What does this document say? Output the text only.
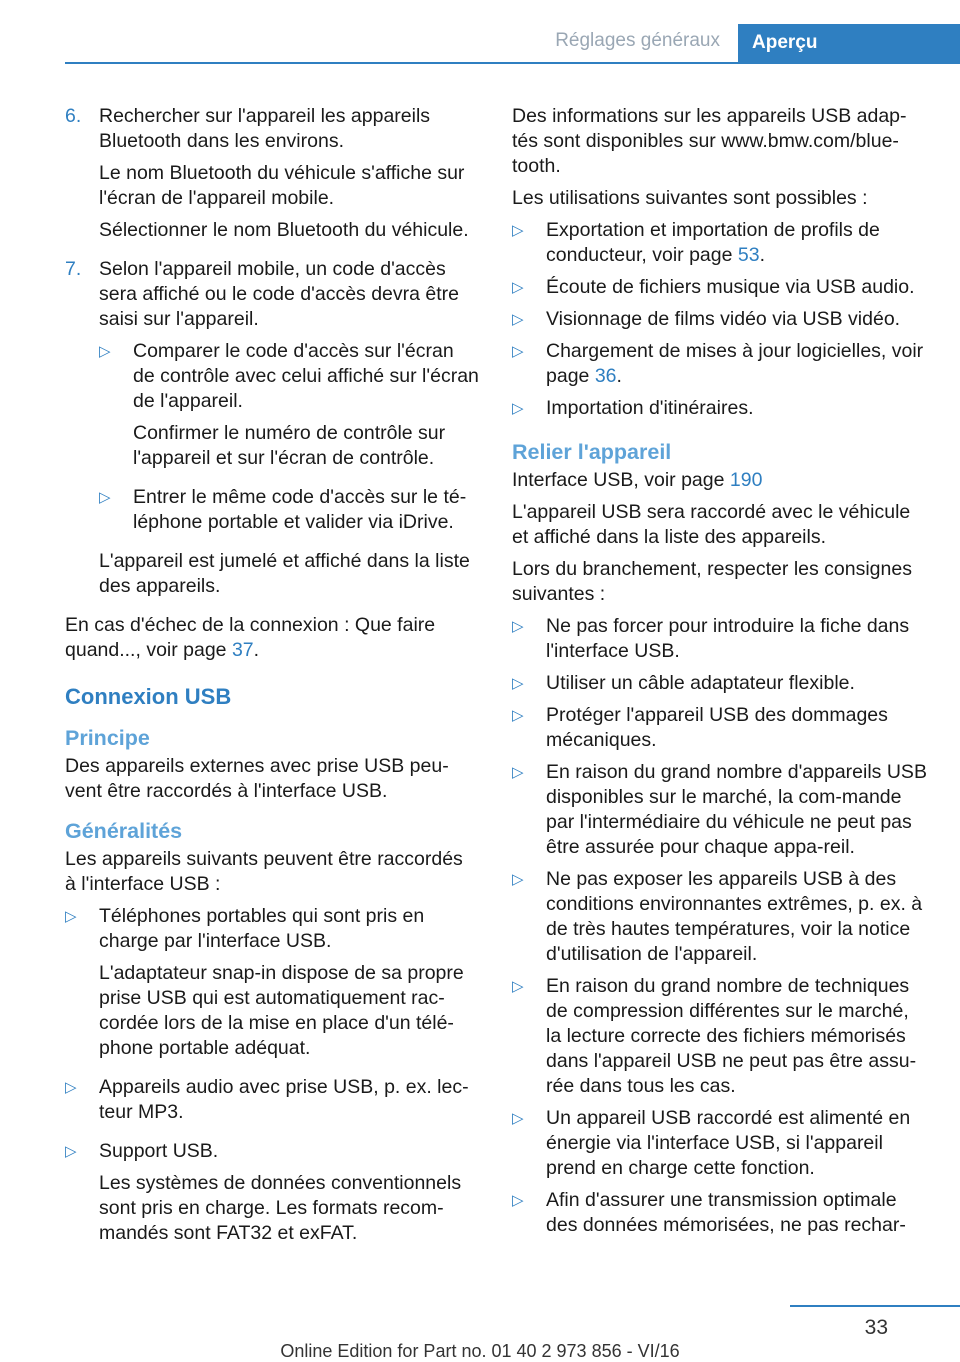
Réglages généraux	Aperçu
6. Rechercher sur l'appareil les appareils Bluetooth dans les environs.

Le nom Bluetooth du véhicule s'affiche sur l'écran de l'appareil mobile.

Sélectionner le nom Bluetooth du véhicule.

7. Selon l'appareil mobile, un code d'accès sera affiché ou le code d'accès devra être saisi sur l'appareil.

▷	Comparer le code d'accès sur l'écran de contrôle avec celui affiché sur l'écran de l'appareil.

Confirmer le numéro de contrôle sur l'appareil et sur l'écran de contrôle.

▷	Entrer le même code d'accès sur le té-léphone portable et valider via iDrive.

L'appareil est jumelé et affiché dans la liste des appareils.

En cas d'échec de la connexion : Que faire quand..., voir page 37.

Connexion USB
Principe

Des appareils externes avec prise USB peu-vent être raccordés à l'interface USB.

Généralités

Les appareils suivants peuvent être raccordés à l'interface USB :

▷	Téléphones portables qui sont pris en charge par l'interface USB.

L'adaptateur snap-in dispose de sa propre prise USB qui est automatiquement rac-cordée lors de la mise en place d'un télé-phone portable adéquat.

▷	Appareils audio avec prise USB, p. ex. lec-teur MP3.

▷	Support USB.

Les systèmes de données conventionnels sont pris en charge. Les formats recom-mandés sont FAT32 et exFAT.

Des informations sur les appareils USB adap-tés sont disponibles sur www.bmw.com/blue-tooth.

Les utilisations suivantes sont possibles :

▷	Exportation et importation de profils de conducteur, voir page 53.
▷	Écoute de fichiers musique via USB audio.
▷	Visionnage de films vidéo via USB vidéo.
▷	Chargement de mises à jour logicielles, voir page 36.
▷	Importation d'itinéraires.
Relier l'appareil

Interface USB, voir page 190

L'appareil USB sera raccordé avec le véhicule et affiché dans la liste des appareils.

Lors du branchement, respecter les consignes suivantes :

▷	Ne pas forcer pour introduire la fiche dans l'interface USB.
▷	Utiliser un câble adaptateur flexible.
▷	Protéger l'appareil USB des dommages mécaniques.
▷	En raison du grand nombre d'appareils USB disponibles sur le marché, la com-mande par l'intermédiaire du véhicule ne peut pas être assurée pour chaque appa-reil.
▷	Ne pas exposer les appareils USB à des conditions environnantes extrêmes, p. ex. à de très hautes températures, voir la notice d'utilisation de l'appareil.
▷	En raison du grand nombre de techniques de compression différentes sur le marché, la lecture correcte des fichiers mémorisés dans l'appareil USB ne peut pas être assu-rée dans tous les cas.
▷	Un appareil USB raccordé est alimenté en énergie via l'interface USB, si l'appareil prend en charge cette fonction.
▷	Afin d'assurer une transmission optimale des données mémorisées, ne pas rechar-
33
Online Edition for Part no. 01 40 2 973 856 - VI/16
